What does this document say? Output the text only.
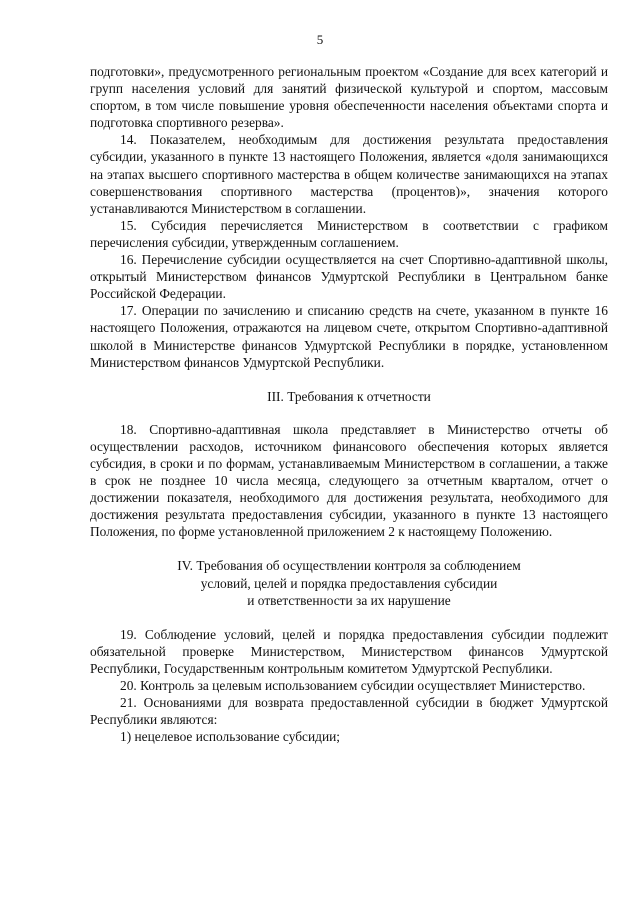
5

подготовки», предусмотренного региональным проектом «Создание для всех категорий и групп населения условий для занятий физической культурой и спортом, массовым спортом, в том числе повышение уровня обеспеченности населения объектами спорта и подготовка спортивного резерва».

14. Показателем, необходимым для достижения результата предоставления субсидии, указанного в пункте 13 настоящего Положения, является «доля занимающихся на этапах высшего спортивного мастерства в общем количестве занимающихся на этапах совершенствования спортивного мастерства (процентов)», значения которого устанавливаются Министерством в соглашении.

15. Субсидия перечисляется Министерством в соответствии с графиком перечисления субсидии, утвержденным соглашением.

16. Перечисление субсидии осуществляется на счет Спортивно-адаптивной школы, открытый Министерством финансов Удмуртской Республики в Центральном банке Российской Федерации.

17. Операции по зачислению и списанию средств на счете, указанном в пункте 16 настоящего Положения, отражаются на лицевом счете, открытом Спортивно-адаптивной школой в Министерстве финансов Удмуртской Республики в порядке, установленном Министерством финансов Удмуртской Республики.

III. Требования к отчетности

18. Спортивно-адаптивная школа представляет в Министерство отчеты об осуществлении расходов, источником финансового обеспечения которых является субсидия, в сроки и по формам, устанавливаемым Министерством в соглашении, а также в срок не позднее 10 числа месяца, следующего за отчетным кварталом, отчет о достижении показателя, необходимого для достижения результата, необходимого для достижения результата предоставления субсидии, указанного в пункте 13 настоящего Положения, по форме установленной приложением 2 к настоящему Положению.

IV. Требования об осуществлении контроля за соблюдением

условий, целей и порядка предоставления субсидии

и ответственности за их нарушение

19. Соблюдение условий, целей и порядка предоставления субсидии подлежит обязательной проверке Министерством, Министерством финансов Удмуртской Республики, Государственным контрольным комитетом Удмуртской Республики.

20. Контроль за целевым использованием субсидии осуществляет Министерство.

21. Основаниями для возврата предоставленной субсидии в бюджет Удмуртской Республики являются:

1) нецелевое использование субсидии;
